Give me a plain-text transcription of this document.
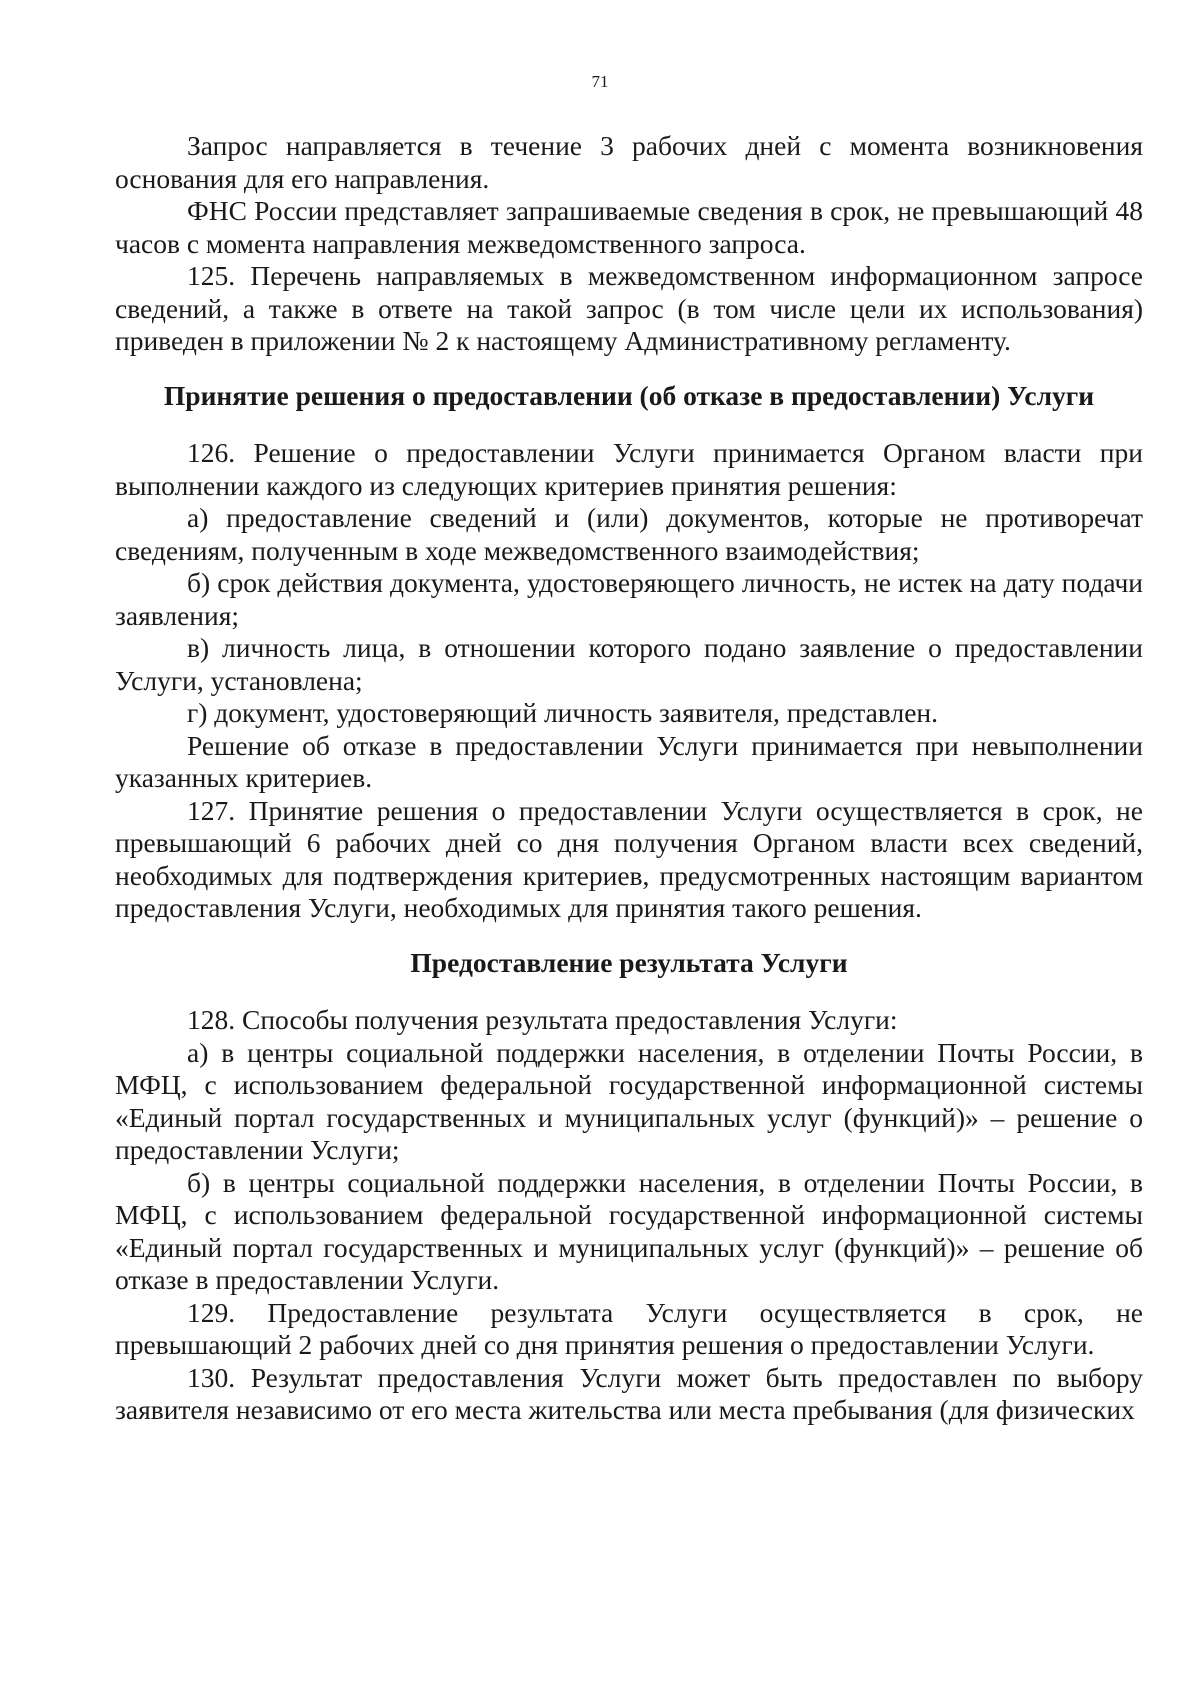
71

Запрос направляется в течение 3 рабочих дней с момента возникновения основания для его направления.

ФНС России представляет запрашиваемые сведения в срок, не превышающий 48 часов с момента направления межведомственного запроса.

125. Перечень направляемых в межведомственном информационном запросе сведений, а также в ответе на такой запрос (в том числе цели их использования) приведен в приложении № 2 к настоящему Административному регламенту.

Принятие решения о предоставлении (об отказе в предоставлении) Услуги

126. Решение о предоставлении Услуги принимается Органом власти при выполнении каждого из следующих критериев принятия решения:

а) предоставление сведений и (или) документов, которые не противоречат сведениям, полученным в ходе межведомственного взаимодействия;

б) срок действия документа, удостоверяющего личность, не истек на дату подачи заявления;

в) личность лица, в отношении которого подано заявление о предоставлении Услуги, установлена;

г) документ, удостоверяющий личность заявителя, представлен.

Решение об отказе в предоставлении Услуги принимается при невыполнении указанных критериев.

127. Принятие решения о предоставлении Услуги осуществляется в срок, не превышающий 6 рабочих дней со дня получения Органом власти всех сведений, необходимых для подтверждения критериев, предусмотренных настоящим вариантом предоставления Услуги, необходимых для принятия такого решения.

Предоставление результата Услуги

128. Способы получения результата предоставления Услуги:

а) в центры социальной поддержки населения, в отделении Почты России, в МФЦ, с использованием федеральной государственной информационной системы «Единый портал государственных и муниципальных услуг (функций)» – решение о предоставлении Услуги;

б) в центры социальной поддержки населения, в отделении Почты России, в МФЦ, с использованием федеральной государственной информационной системы «Единый портал государственных и муниципальных услуг (функций)» – решение об отказе в предоставлении Услуги.

129. Предоставление результата Услуги осуществляется в срок, не превышающий 2 рабочих дней со дня принятия решения о предоставлении Услуги.

130. Результат предоставления Услуги может быть предоставлен по выбору заявителя независимо от его места жительства или места пребывания (для физических
